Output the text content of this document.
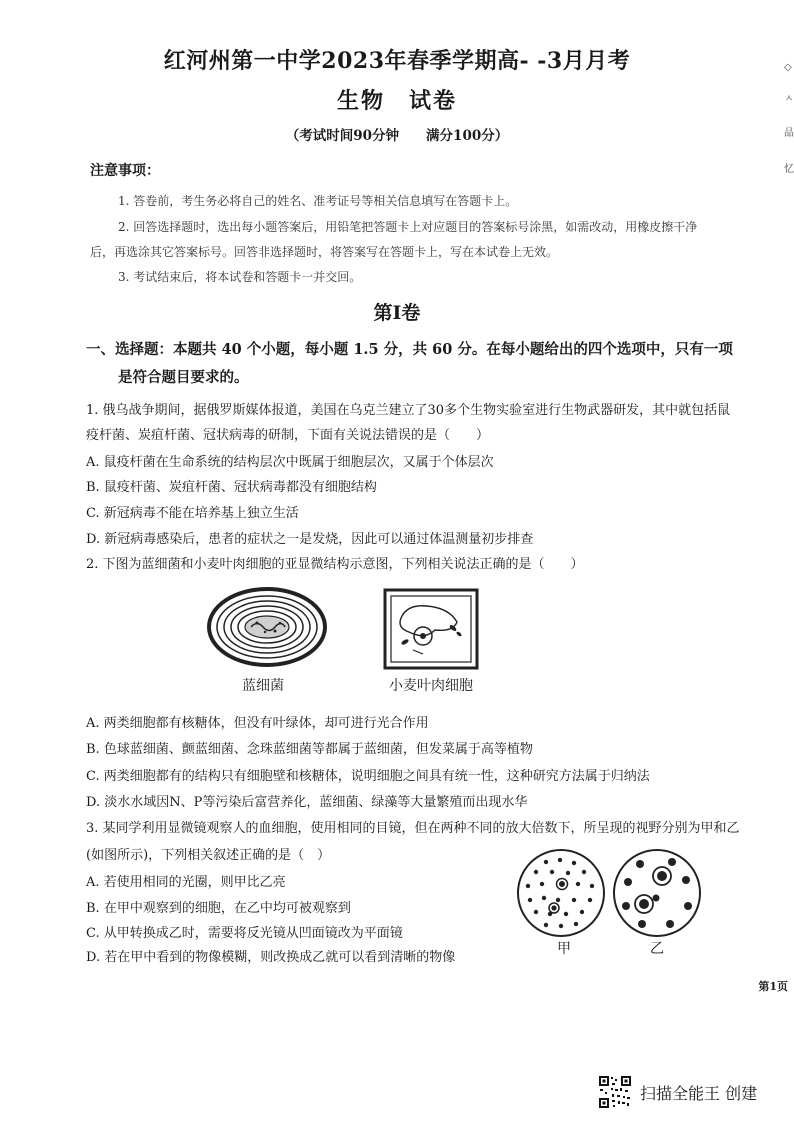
红河州第一中学2023年春季学期高- -3月月考
生物　试卷
（考试时间90分钟　　满分100分）
注意事项：
1. 答卷前，考生务必将自己的姓名、准考证号等相关信息填写在答题卡上。
2. 回答选择题时，选出每小题答案后，用铅笔把答题卡上对应题目的答案标号涂黑，如需改动，用橡皮擦干净
后，再选涂其它答案标号。回答非选择题时，将答案写在答题卡上，写在本试卷上无效。
3. 考试结束后，将本试卷和答题卡一并交回。
第I卷
一、选择题：本题共 40 个小题，每小题 1.5 分，共 60 分。在每小题给出的四个选项中，只有一项
是符合题目要求的。
1. 俄乌战争期间，据俄罗斯媒体报道，美国在乌克兰建立了30多个生物实验室进行生物武器研发，其中就包括鼠
疫杆菌、炭疽杆菌、冠状病毒的研制，下面有关说法错误的是（　　）
A. 鼠疫杆菌在生命系统的结构层次中既属于细胞层次，又属于个体层次
B. 鼠疫杆菌、炭疽杆菌、冠状病毒都没有细胞结构
C. 新冠病毒不能在培养基上独立生活
D. 新冠病毒感染后，患者的症状之一是发烧，因此可以通过体温测量初步排查
2. 下图为蓝细菌和小麦叶肉细胞的亚显微结构示意图，下列相关说法正确的是（　　）
蓝细菌	小麦叶肉细胞
A. 两类细胞都有核糖体，但没有叶绿体，却可进行光合作用
B. 色球蓝细菌、颤蓝细菌、念珠蓝细菌等都属于蓝细菌，但发菜属于高等植物
C. 两类细胞都有的结构只有细胞壁和核糖体，说明细胞之间具有统一性，这种研究方法属于归纳法
D. 淡水水域因N、P等污染后富营养化，蓝细菌、绿藻等大量繁殖而出现水华
3. 某同学利用显微镜观察人的血细胞，使用相同的目镜，但在两种不同的放大倍数下，所呈现的视野分别为甲和乙
(如图所示)，下列相关叙述正确的是（　）
A. 若使用相同的光圈，则甲比乙亮
B. 在甲中观察到的细胞，在乙中均可被观察到
C. 从甲转换成乙时，需要将反光镜从凹面镜改为平面镜
D. 若在甲中看到的物像模糊，则改换成乙就可以看到清晰的物像
甲	乙
第1页
扫描全能王 创建
◇
ㅅ
品
忆
